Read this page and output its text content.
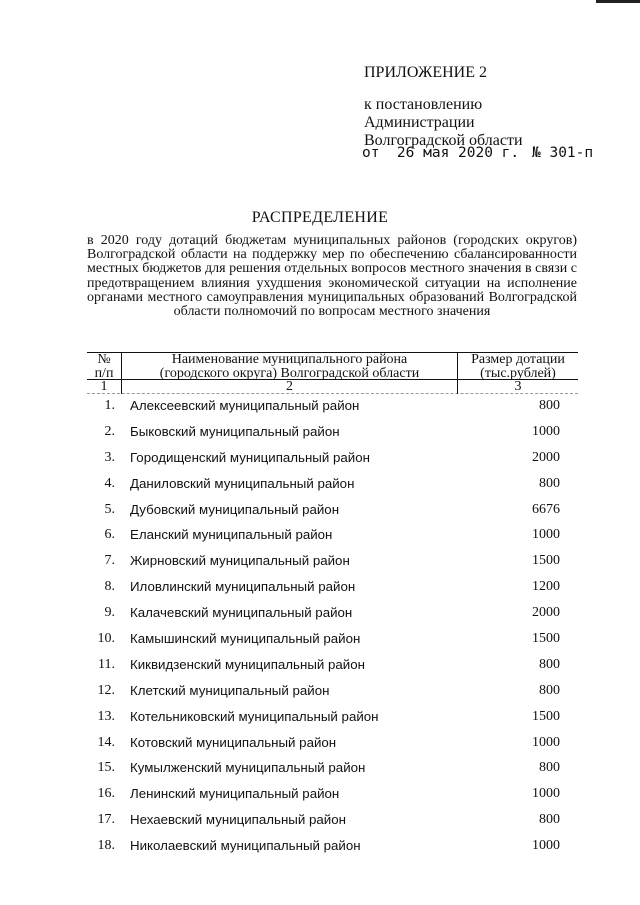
ПРИЛОЖЕНИЕ 2
к постановлению
Администрации
Волгоградской области
от  26 мая 2020 г. № 301-п
РАСПРЕДЕЛЕНИЕ
в 2020 году дотаций бюджетам муниципальных районов (городских округов) Волгоградской области на поддержку мер по обеспечению сбалансированности местных бюджетов для решения отдельных вопросов местного значения в связи с предотвращением влияния ухудшения экономической ситуации на исполнение органами местного самоуправления муниципальных образований Волгоградской области полномочий по вопросам местного значения
№
п/п
Наименование муниципального района
(городского округа) Волгоградской области
Размер дотации
(тыс.рублей)
1	2	3
1. Алексеевский муниципальный район	800
2. Быковский муниципальный район	1000
3. Городищенский муниципальный район	2000
4. Даниловский муниципальный район	800
5. Дубовский муниципальный район	6676
6. Еланский муниципальный район	1000
7. Жирновский муниципальный район	1500
8. Иловлинский муниципальный район	1200
9. Калачевский муниципальный район	2000
10. Камышинский муниципальный район	1500
11. Киквидзенский муниципальный район	800
12. Клетский муниципальный район	800
13. Котельниковский муниципальный район	1500
14. Котовский муниципальный район	1000
15. Кумылженский муниципальный район	800
16. Ленинский муниципальный район	1000
17. Нехаевский муниципальный район	800
18. Николаевский муниципальный район	1000
